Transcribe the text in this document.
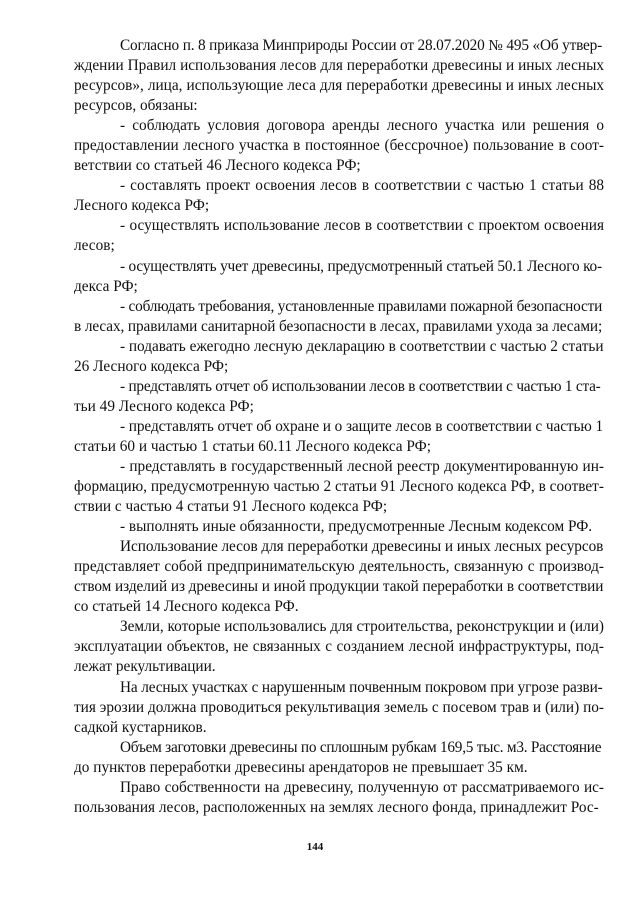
Согласно п. 8 приказа Минприроды России от 28.07.2020 № 495 «Об утвер-
ждении Правил использования лесов для переработки древесины и иных лесных
ресурсов», лица, использующие леса для переработки древесины и иных лесных
ресурсов, обязаны:
- соблюдать условия договора аренды лесного участка или решения о
предоставлении лесного участка в постоянное (бессрочное) пользование в соот-
ветствии со статьей 46 Лесного кодекса РФ;
- составлять проект освоения лесов в соответствии с частью 1 статьи 88
Лесного кодекса РФ;
- осуществлять использование лесов в соответствии с проектом освоения
лесов;
- осуществлять учет древесины, предусмотренный статьей 50.1 Лесного ко-
декса РФ;
- соблюдать требования, установленные правилами пожарной безопасности
в лесах, правилами санитарной безопасности в лесах, правилами ухода за лесами;
- подавать ежегодно лесную декларацию в соответствии с частью 2 статьи
26 Лесного кодекса РФ;
- представлять отчет об использовании лесов в соответствии с частью 1 ста-
тьи 49 Лесного кодекса РФ;
- представлять отчет об охране и о защите лесов в соответствии с частью 1
статьи 60 и частью 1 статьи 60.11 Лесного кодекса РФ;
- представлять в государственный лесной реестр документированную ин-
формацию, предусмотренную частью 2 статьи 91 Лесного кодекса РФ, в соответ-
ствии с частью 4 статьи 91 Лесного кодекса РФ;
- выполнять иные обязанности, предусмотренные Лесным кодексом РФ.
Использование лесов для переработки древесины и иных лесных ресурсов
представляет собой предпринимательскую деятельность, связанную с производ-
ством изделий из древесины и иной продукции такой переработки в соответствии
со статьей 14 Лесного кодекса РФ.
Земли, которые использовались для строительства, реконструкции и (или)
эксплуатации объектов, не связанных с созданием лесной инфраструктуры, под-
лежат рекультивации.
На лесных участках с нарушенным почвенным покровом при угрозе разви-
тия эрозии должна проводиться рекультивация земель с посевом трав и (или) по-
садкой кустарников.
Объем заготовки древесины по сплошным рубкам 169,5 тыс. м3. Расстояние
до пунктов переработки древесины арендаторов не превышает 35 км.
Право собственности на древесину, полученную от рассматриваемого ис-
пользования лесов, расположенных на землях лесного фонда, принадлежит Рос-
144
